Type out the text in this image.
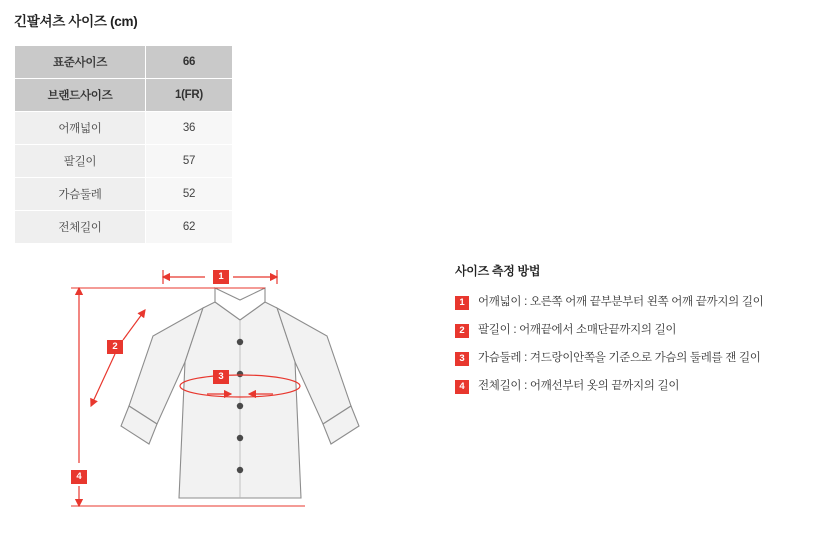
긴팔셔츠 사이즈 (cm)
표준사이즈	66
브랜드사이즈	1(FR)
어깨넓이	36
팔길이	57
가슴둘레	52
전체길이	62
1
2
3
4
사이즈 측정 방법
1	어깨넓이 : 오른쪽 어깨 끝부분부터 왼쪽 어깨 끝까지의 길이
2	팔길이 : 어깨끝에서 소매단끝까지의 길이
3	가슴둘레 : 겨드랑이안쪽을 기준으로 가슴의 둘레를 잰 길이
4	전체길이 : 어깨선부터 옷의 끝까지의 길이
